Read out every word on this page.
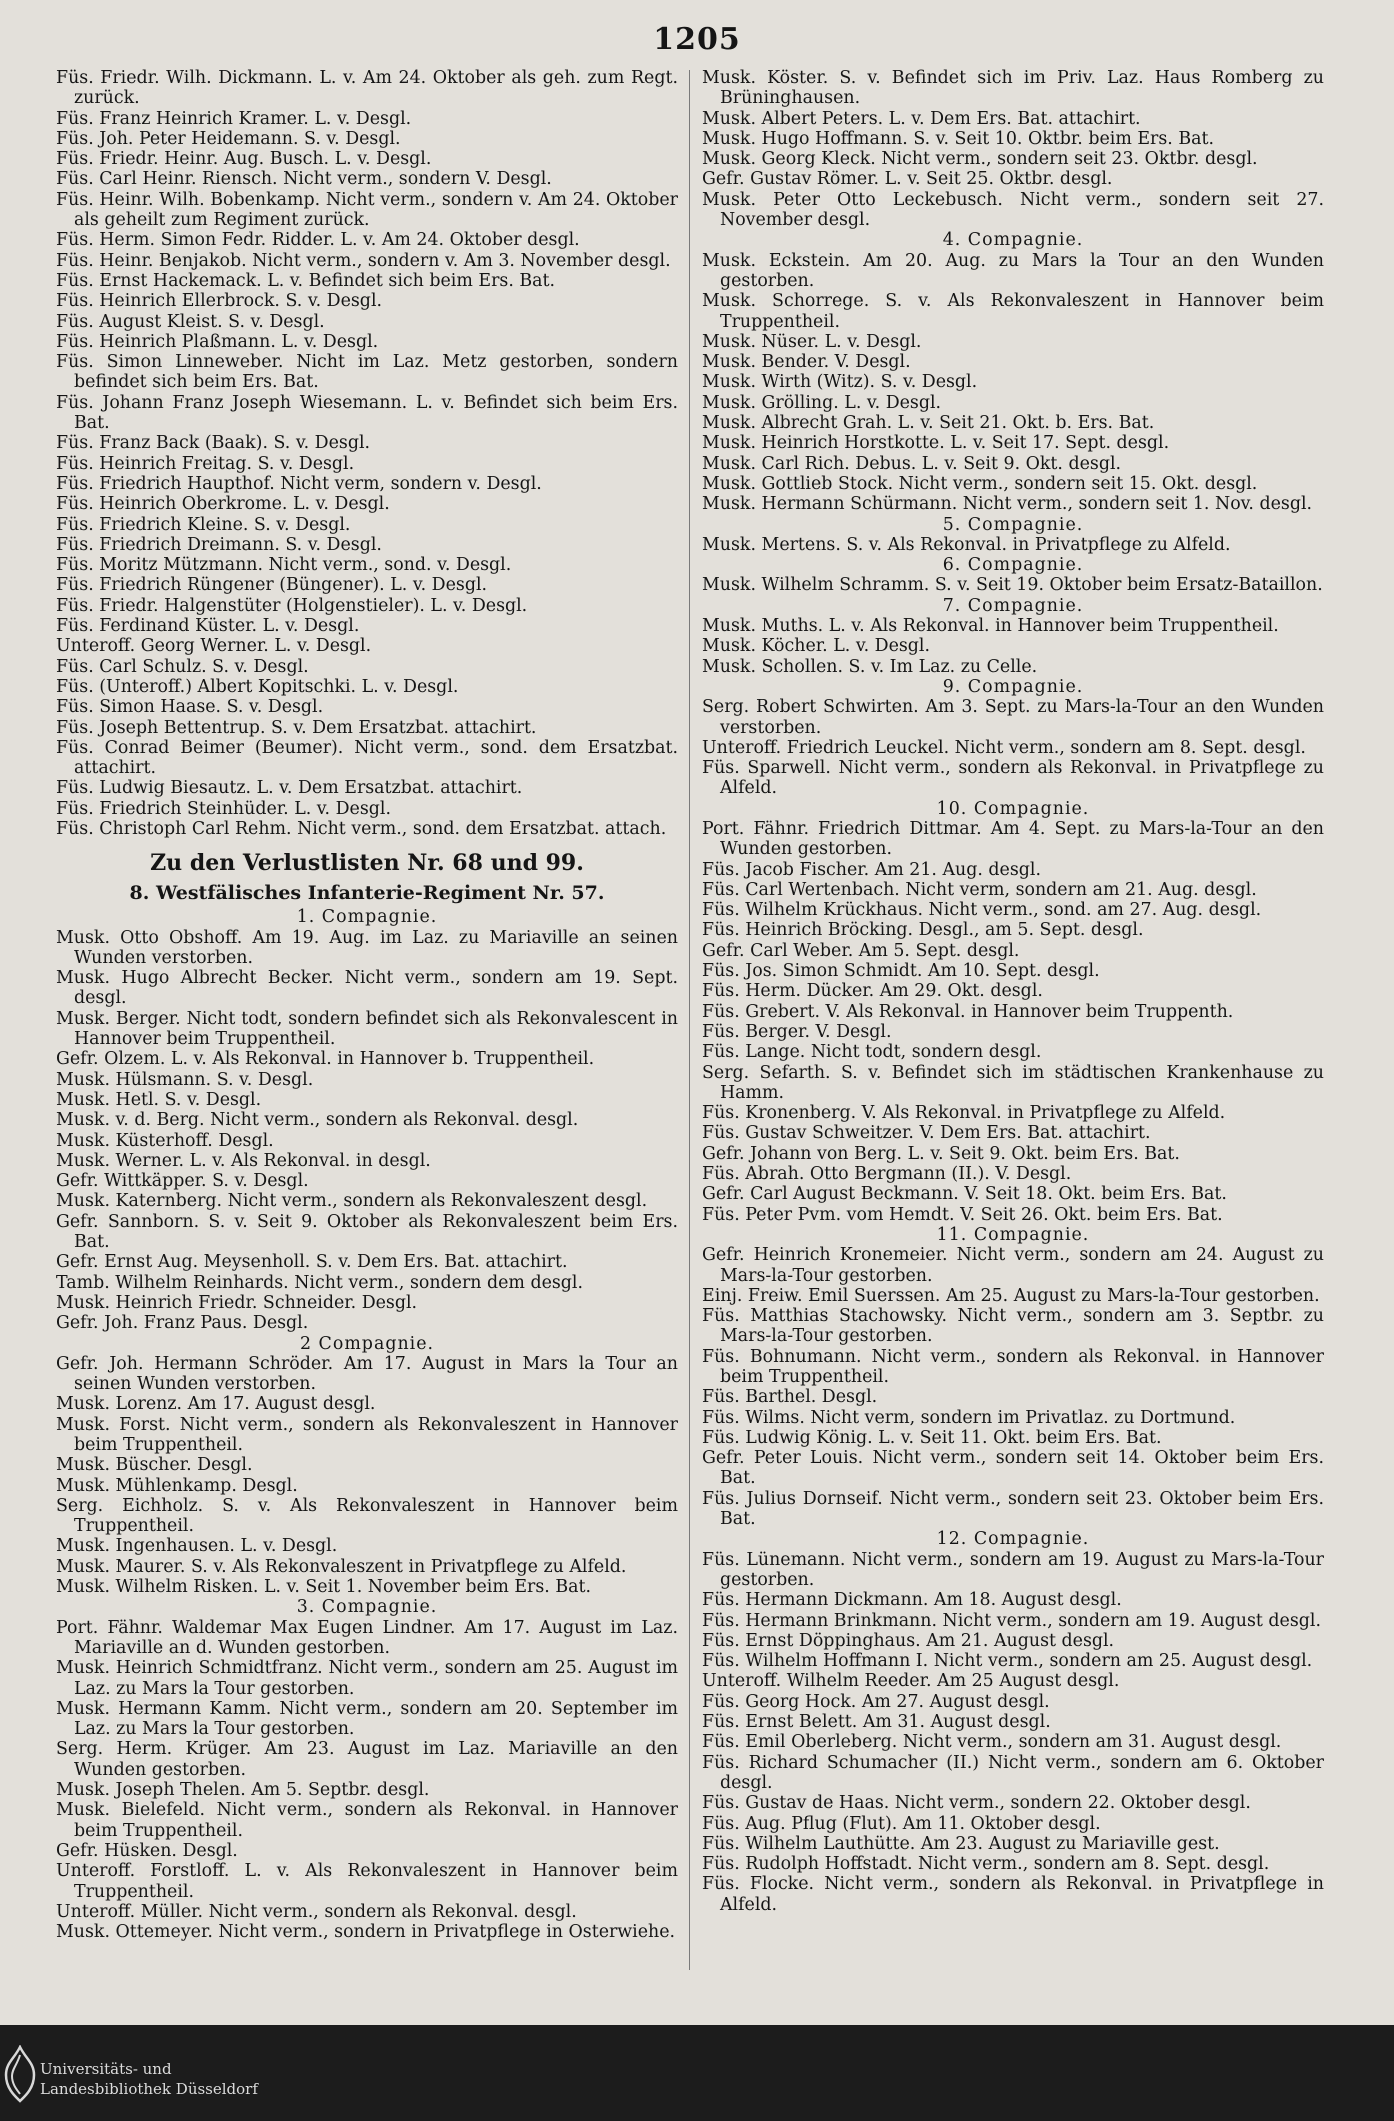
1205

Füs. Friedr. Wilh. Dickmann. L. v. Am 24. Oktober als geh. zum Regt. zurück.

Füs. Franz Heinrich Kramer. L. v. Desgl.

Füs. Joh. Peter Heidemann. S. v. Desgl.

Füs. Friedr. Heinr. Aug. Busch. L. v. Desgl.

Füs. Carl Heinr. Riensch. Nicht verm., sondern V. Desgl.

Füs. Heinr. Wilh. Bobenkamp. Nicht verm., sondern v. Am 24. Oktober als geheilt zum Regiment zurück.

Füs. Herm. Simon Fedr. Ridder. L. v. Am 24. Oktober desgl.

Füs. Heinr. Benjakob. Nicht verm., sondern v. Am 3. November desgl.

Füs. Ernst Hackemack. L. v. Befindet sich beim Ers. Bat.

Füs. Heinrich Ellerbrock. S. v. Desgl.

Füs. August Kleist. S. v. Desgl.

Füs. Heinrich Plaßmann. L. v. Desgl.

Füs. Simon Linneweber. Nicht im Laz. Metz gestorben, sondern befindet sich beim Ers. Bat.

Füs. Johann Franz Joseph Wiesemann. L. v. Befindet sich beim Ers. Bat.

Füs. Franz Back (Baak). S. v. Desgl.

Füs. Heinrich Freitag. S. v. Desgl.

Füs. Friedrich Haupthof. Nicht verm, sondern v. Desgl.

Füs. Heinrich Oberkrome. L. v. Desgl.

Füs. Friedrich Kleine. S. v. Desgl.

Füs. Friedrich Dreimann. S. v. Desgl.

Füs. Moritz Mützmann. Nicht verm., sond. v. Desgl.

Füs. Friedrich Rüngener (Büngener). L. v. Desgl.

Füs. Friedr. Halgenstüter (Holgenstieler). L. v. Desgl.

Füs. Ferdinand Küster. L. v. Desgl.

Unteroff. Georg Werner. L. v. Desgl.

Füs. Carl Schulz. S. v. Desgl.

Füs. (Unteroff.) Albert Kopitschki. L. v. Desgl.

Füs. Simon Haase. S. v. Desgl.

Füs. Joseph Bettentrup. S. v. Dem Ersatzbat. attachirt.

Füs. Conrad Beimer (Beumer). Nicht verm., sond. dem Ersatzbat. attachirt.

Füs. Ludwig Biesautz. L. v. Dem Ersatzbat. attachirt.

Füs. Friedrich Steinhüder. L. v. Desgl.

Füs. Christoph Carl Rehm. Nicht verm., sond. dem Ersatzbat. attach.

Zu den Verlustlisten Nr. 68 und 99.

8. Westfälisches Infanterie-Regiment Nr. 57.

1. Compagnie.

Musk. Otto Obshoff. Am 19. Aug. im Laz. zu Mariaville an seinen Wunden verstorben.

Musk. Hugo Albrecht Becker. Nicht verm., sondern am 19. Sept. desgl.

Musk. Berger. Nicht todt, sondern befindet sich als Rekonvalescent in Hannover beim Truppentheil.

Gefr. Olzem. L. v. Als Rekonval. in Hannover b. Truppentheil.

Musk. Hülsmann. S. v. Desgl.

Musk. Hetl. S. v. Desgl.

Musk. v. d. Berg. Nicht verm., sondern als Rekonval. desgl.

Musk. Küsterhoff. Desgl.

Musk. Werner. L. v. Als Rekonval. in desgl.

Gefr. Wittkäpper. S. v. Desgl.

Musk. Katernberg. Nicht verm., sondern als Rekonvaleszent desgl.

Gefr. Sannborn. S. v. Seit 9. Oktober als Rekonvaleszent beim Ers. Bat.

Gefr. Ernst Aug. Meysenholl. S. v. Dem Ers. Bat. attachirt.

Tamb. Wilhelm Reinhards. Nicht verm., sondern dem desgl.

Musk. Heinrich Friedr. Schneider. Desgl.

Gefr. Joh. Franz Paus. Desgl.

2 Compagnie.

Gefr. Joh. Hermann Schröder. Am 17. August in Mars la Tour an seinen Wunden verstorben.

Musk. Lorenz. Am 17. August desgl.

Musk. Forst. Nicht verm., sondern als Rekonvaleszent in Hannover beim Truppentheil.

Musk. Büscher. Desgl.

Musk. Mühlenkamp. Desgl.

Serg. Eichholz. S. v. Als Rekonvaleszent in Hannover beim Truppentheil.

Musk. Ingenhausen. L. v. Desgl.

Musk. Maurer. S. v. Als Rekonvaleszent in Privatpflege zu Alfeld.

Musk. Wilhelm Risken. L. v. Seit 1. November beim Ers. Bat.

3. Compagnie.

Port. Fähnr. Waldemar Max Eugen Lindner. Am 17. August im Laz. Mariaville an d. Wunden gestorben.

Musk. Heinrich Schmidtfranz. Nicht verm., sondern am 25. August im Laz. zu Mars la Tour gestorben.

Musk. Hermann Kamm. Nicht verm., sondern am 20. September im Laz. zu Mars la Tour gestorben.

Serg. Herm. Krüger. Am 23. August im Laz. Mariaville an den Wunden gestorben.

Musk. Joseph Thelen. Am 5. Septbr. desgl.

Musk. Bielefeld. Nicht verm., sondern als Rekonval. in Hannover beim Truppentheil.

Gefr. Hüsken. Desgl.

Unteroff. Forstloff. L. v. Als Rekonvaleszent in Hannover beim Truppentheil.

Unteroff. Müller. Nicht verm., sondern als Rekonval. desgl.

Musk. Ottemeyer. Nicht verm., sondern in Privatpflege in Osterwiehe.

Musk. Köster. S. v. Befindet sich im Priv. Laz. Haus Romberg zu Brüninghausen.

Musk. Albert Peters. L. v. Dem Ers. Bat. attachirt.

Musk. Hugo Hoffmann. S. v. Seit 10. Oktbr. beim Ers. Bat.

Musk. Georg Kleck. Nicht verm., sondern seit 23. Oktbr. desgl.

Gefr. Gustav Römer. L. v. Seit 25. Oktbr. desgl.

Musk. Peter Otto Leckebusch. Nicht verm., sondern seit 27. November desgl.

4. Compagnie.

Musk. Eckstein. Am 20. Aug. zu Mars la Tour an den Wunden gestorben.

Musk. Schorrege. S. v. Als Rekonvaleszent in Hannover beim Truppentheil.

Musk. Nüser. L. v. Desgl.

Musk. Bender. V. Desgl.

Musk. Wirth (Witz). S. v. Desgl.

Musk. Grölling. L. v. Desgl.

Musk. Albrecht Grah. L. v. Seit 21. Okt. b. Ers. Bat.

Musk. Heinrich Horstkotte. L. v. Seit 17. Sept. desgl.

Musk. Carl Rich. Debus. L. v. Seit 9. Okt. desgl.

Musk. Gottlieb Stock. Nicht verm., sondern seit 15. Okt. desgl.

Musk. Hermann Schürmann. Nicht verm., sondern seit 1. Nov. desgl.

5. Compagnie.

Musk. Mertens. S. v. Als Rekonval. in Privatpflege zu Alfeld.

6. Compagnie.

Musk. Wilhelm Schramm. S. v. Seit 19. Oktober beim Ersatz-Bataillon.

7. Compagnie.

Musk. Muths. L. v. Als Rekonval. in Hannover beim Truppentheil.

Musk. Köcher. L. v. Desgl.

Musk. Schollen. S. v. Im Laz. zu Celle.

9. Compagnie.

Serg. Robert Schwirten. Am 3. Sept. zu Mars-la-Tour an den Wunden verstorben.

Unteroff. Friedrich Leuckel. Nicht verm., sondern am 8. Sept. desgl.

Füs. Sparwell. Nicht verm., sondern als Rekonval. in Privatpflege zu Alfeld.

10. Compagnie.

Port. Fähnr. Friedrich Dittmar. Am 4. Sept. zu Mars-la-Tour an den Wunden gestorben.

Füs. Jacob Fischer. Am 21. Aug. desgl.

Füs. Carl Wertenbach. Nicht verm, sondern am 21. Aug. desgl.

Füs. Wilhelm Krückhaus. Nicht verm., sond. am 27. Aug. desgl.

Füs. Heinrich Bröcking. Desgl., am 5. Sept. desgl.

Gefr. Carl Weber. Am 5. Sept. desgl.

Füs. Jos. Simon Schmidt. Am 10. Sept. desgl.

Füs. Herm. Dücker. Am 29. Okt. desgl.

Füs. Grebert. V. Als Rekonval. in Hannover beim Truppenth.

Füs. Berger. V. Desgl.

Füs. Lange. Nicht todt, sondern desgl.

Serg. Sefarth. S. v. Befindet sich im städtischen Krankenhause zu Hamm.

Füs. Kronenberg. V. Als Rekonval. in Privatpflege zu Alfeld.

Füs. Gustav Schweitzer. V. Dem Ers. Bat. attachirt.

Gefr. Johann von Berg. L. v. Seit 9. Okt. beim Ers. Bat.

Füs. Abrah. Otto Bergmann (II.). V. Desgl.

Gefr. Carl August Beckmann. V. Seit 18. Okt. beim Ers. Bat.

Füs. Peter Pvm. vom Hemdt. V. Seit 26. Okt. beim Ers. Bat.

11. Compagnie.

Gefr. Heinrich Kronemeier. Nicht verm., sondern am 24. August zu Mars-la-Tour gestorben.

Einj. Freiw. Emil Suerssen. Am 25. August zu Mars-la-Tour gestorben.

Füs. Matthias Stachowsky. Nicht verm., sondern am 3. Septbr. zu Mars-la-Tour gestorben.

Füs. Bohnumann. Nicht verm., sondern als Rekonval. in Hannover beim Truppentheil.

Füs. Barthel. Desgl.

Füs. Wilms. Nicht verm, sondern im Privatlaz. zu Dortmund.

Füs. Ludwig König. L. v. Seit 11. Okt. beim Ers. Bat.

Gefr. Peter Louis. Nicht verm., sondern seit 14. Oktober beim Ers. Bat.

Füs. Julius Dornseif. Nicht verm., sondern seit 23. Oktober beim Ers. Bat.

12. Compagnie.

Füs. Lünemann. Nicht verm., sondern am 19. August zu Mars-la-Tour gestorben.

Füs. Hermann Dickmann. Am 18. August desgl.

Füs. Hermann Brinkmann. Nicht verm., sondern am 19. August desgl.

Füs. Ernst Döppinghaus. Am 21. August desgl.

Füs. Wilhelm Hoffmann I. Nicht verm., sondern am 25. August desgl.

Unteroff. Wilhelm Reeder. Am 25 August desgl.

Füs. Georg Hock. Am 27. August desgl.

Füs. Ernst Belett. Am 31. August desgl.

Füs. Emil Oberleberg. Nicht verm., sondern am 31. August desgl.

Füs. Richard Schumacher (II.) Nicht verm., sondern am 6. Oktober desgl.

Füs. Gustav de Haas. Nicht verm., sondern 22. Oktober desgl.

Füs. Aug. Pflug (Flut). Am 11. Oktober desgl.

Füs. Wilhelm Lauthütte. Am 23. August zu Mariaville gest.

Füs. Rudolph Hoffstadt. Nicht verm., sondern am 8. Sept. desgl.

Füs. Flocke. Nicht verm., sondern als Rekonval. in Privatpflege in Alfeld.

Universitäts- und
Landesbibliothek Düsseldorf
